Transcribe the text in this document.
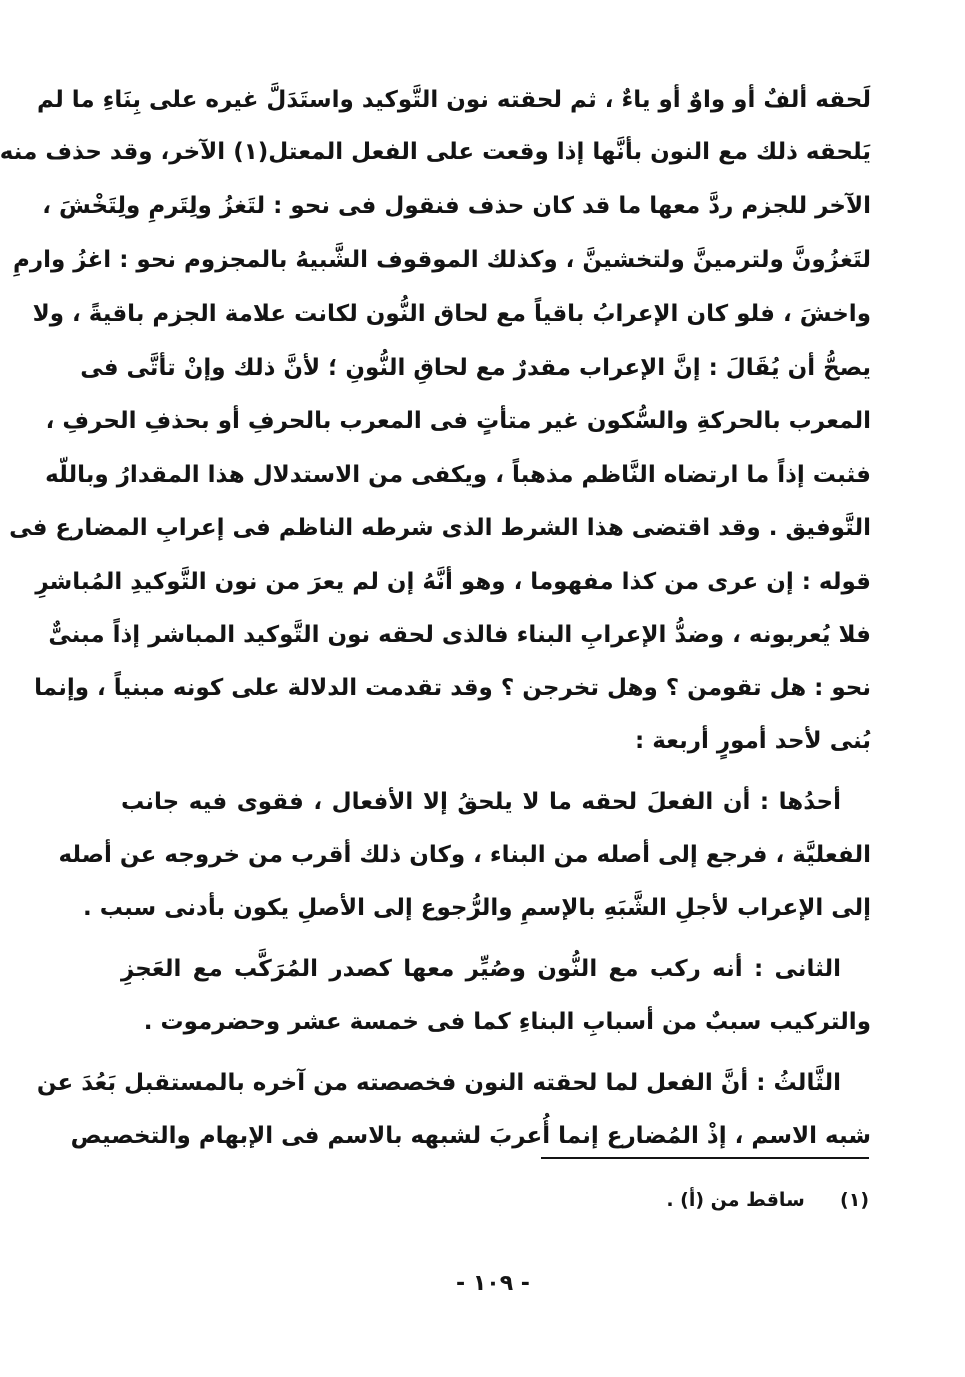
لَحقه ألفٌ أو واوٌ أو ياءٌ ، ثم لحقته نون التَّوكيد واستَدَلَّ غيره على بِنَاءِ ما لم
يَلحقه ذلك مع النون بأنَّها إذا وقعت على الفعل المعتل(١) الآخر، وقد حذف منه
الآخر للجزم ردَّ معها ما قد كان حذف فنقول فى نحو : لتَغزُ ولِتَرمِ ولِتَخْشَ ،
لتَغزُونَّ ولترمينَّ ولتخشينَّ ، وكذلك الموقوف الشَّبيهُ بالمجزوم نحو : اغزُ وارمِ
واخشَ ، فلو كان الإعرابُ باقياً مع لحاق النُّون لكانت علامة الجزم باقيةً ، ولا
يصحُّ أن يُقَالَ : إنَّ الإعراب مقدرٌ مع لحاقِ النُّونِ ؛ لأنَّ ذلك وإنْ تأتَّى فى
المعرب بالحركةِ والسُّكون غير متأتٍ فى المعرب بالحرفِ أو بحذفِ الحرفِ ،
فثبت إذاً ما ارتضاه النَّاظم مذهباً ، ويكفى من الاستدلال هذا المقدارُ وباللّه
التَّوفيق . وقد اقتضى هذا الشرط الذى شرطه الناظم فى إعرابِ المضارع فى
قوله : إن عرى من كذا مفهوما ، وهو أنَّهُ إن لم يعرَ من نون التَّوكيدِ المُباشرِ
فلا يُعربونه ، وضدُّ الإعرابِ البناء فالذى لحقه نون التَّوكيد المباشر إذاً مبنىٌّ
نحو : هل تقومن ؟ وهل تخرجن ؟ وقد تقدمت الدلالة على كونه مبنياً ، وإنما
بُنى لأحد أمورٍ أربعة :
أحدُها : أن الفعلَ لحقه ما لا يلحقُ إلا الأفعال ، فقوى فيه جانب
الفعليَّة ، فرجع إلى أصله من البناء ، وكان ذلك أقرب من خروجه عن أصله
إلى الإعراب لأجلِ الشَّبَهِ بالإسمِ والرُّجوع إلى الأصلِ يكون بأدنى سبب .
الثانى : أنه ركب مع النُّون وصُيِّر معها كصدر المُرَكَّب مع العَجزِ
والتركيب سببٌ من أسبابِ البناءِ كما فى خمسة عشر وحضرموت .
الثَّالثُ : أنَّ الفعل لما لحقته النون فخصصته من آخره بالمستقبل بَعُدَ عن
شبه الاسم ، إذْ المُضارع إنما أُعربَ لشبهه بالاسم فى الإبهام والتخصيص
(١)  ساقط من (أ) .
- ١٠٩ -
